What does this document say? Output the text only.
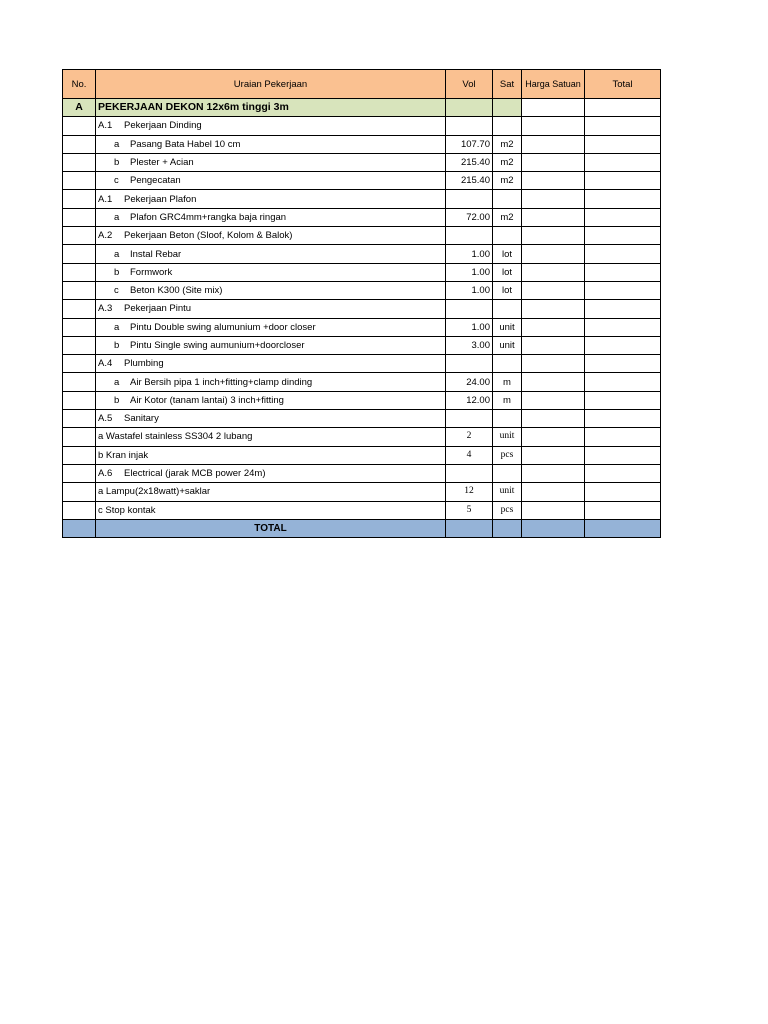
No.	Uraian Pekerjaan	Vol	Sat	Harga Satuan	Total
A	PEKERJAAN DEKON 12x6m tinggi 3m				
	A.1 Pekerjaan Dinding				
	a Pasang Bata Habel 10 cm	107.70	m2		
	b Plester + Acian	215.40	m2		
	c Pengecatan	215.40	m2		
	A.1 Pekerjaan Plafon				
	a Plafon GRC4mm+rangka baja ringan	72.00	m2		
	A.2 Pekerjaan Beton (Sloof, Kolom & Balok)				
	a Instal Rebar	1.00	lot		
	b Formwork	1.00	lot		
	c Beton K300 (Site mix)	1.00	lot		
	A.3 Pekerjaan Pintu				
	a Pintu Double swing alumunium +door closer	1.00	unit		
	b Pintu Single swing aumunium+doorcloser	3.00	unit		
	A.4 Plumbing				
	a Air Bersih pipa 1 inch+fitting+clamp dinding	24.00	m		
	b Air Kotor (tanam lantai) 3 inch+fitting	12.00	m		
	A.5 Sanitary				
	a Wastafel stainless SS304 2 lubang	2	unit		
	b Kran injak	4	pcs		
	A.6 Electrical (jarak MCB power 24m)				
	a Lampu(2x18watt)+saklar	12	unit		
	c Stop kontak	5	pcs		
	TOTAL				
